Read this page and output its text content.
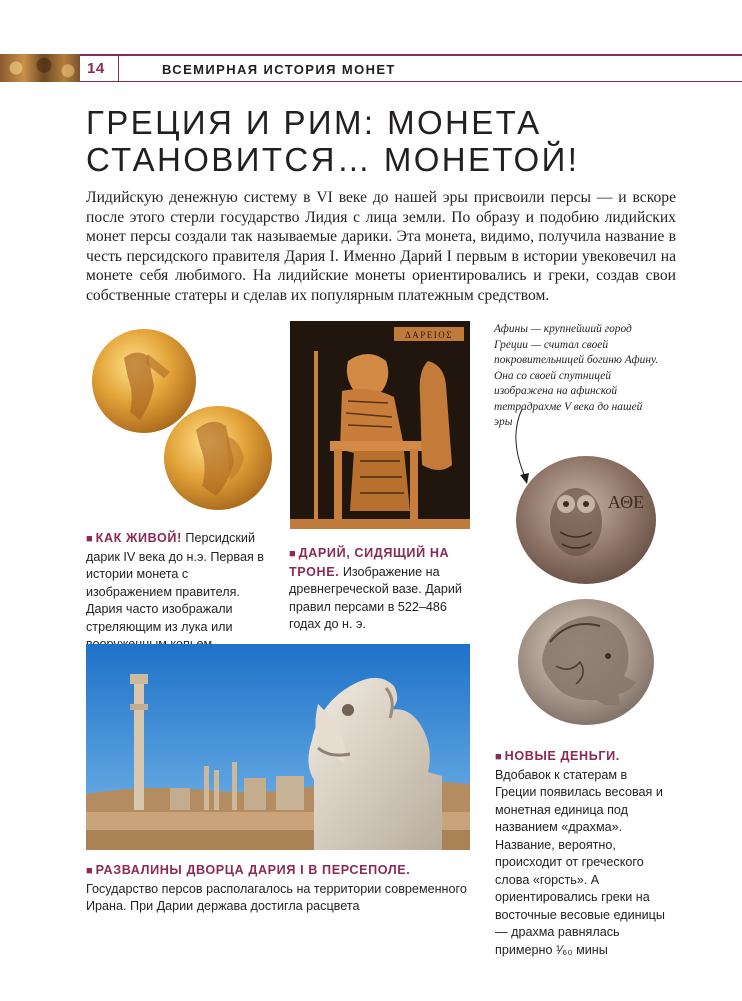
14	ВСЕМИРНАЯ ИСТОРИЯ МОНЕТ
ГРЕЦИЯ И РИМ: МОНЕТА
СТАНОВИТСЯ… МОНЕТОЙ!

Лидийскую денежную систему в VI веке до нашей эры присвоили персы — и вскоре после этого стерли государство Лидия с лица земли. По образу и подобию лидийских монет персы создали так называемые дарики. Эта монета, видимо, получила название в честь персидского правителя Дария I. Именно Дарий I первым в истории увековечил на монете себя любимого. На лидийские монеты ориентировались и греки, создав свои собственные статеры и сделав их популярным платежным средством.

■ КАК ЖИВОЙ! Персидский дарик IV века до н.э. Первая в истории монета с изображением правителя. Дария часто изображали стреляющим из лука или

ΔAPEIOΣ

■ ДАРИЙ, СИДЯЩИЙ НА ТРОНЕ. Изображение на древнегреческой вазе. Дарий правил персами в 522–486 годах до н. э.

Афины — крупнейший город Греции — считал своей покровительницей богиню Афину. Она со своей спутницей изображена на афинской тетрадрахме V века до нашей эры

ΑΘΕ

■ НОВЫЕ ДЕНЬГИ.
Вдобавок к статерам в Греции появилась весовая и монетная единица под названием «драхма». Название, вероятно, происходит от греческого слова «горсть». А ориентировались греки на восточные весовые единицы — драхма равнялась примерно ¹⁄₆₀ мины

■ РАЗВАЛИНЫ ДВОРЦА ДАРИЯ I В ПЕРСЕПОЛЕ.
Государство персов располагалось на территории современного Ирана. При Дарии держава достигла расцвета
